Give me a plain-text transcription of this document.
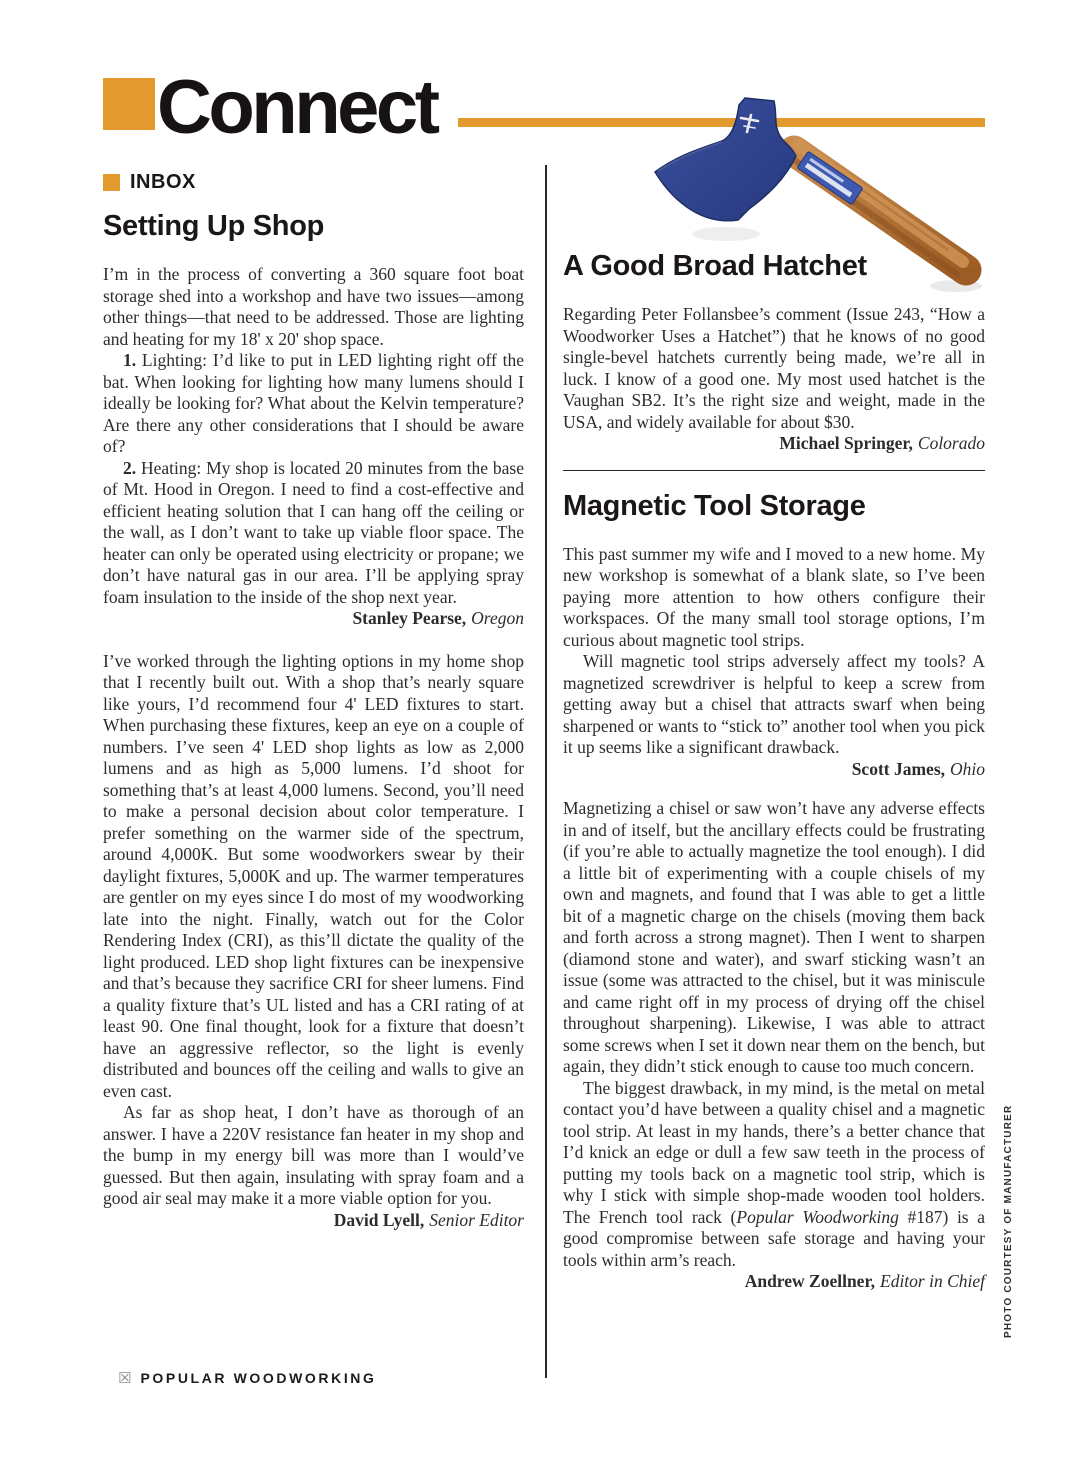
Connect
INBOX
Setting Up Shop

I’m in the process of converting a 360 square foot boat storage shed into a workshop and have two issues—among other things—that need to be addressed. Those are lighting and heating for my 18' x 20' shop space.

1. Lighting: I’d like to put in LED lighting right off the bat. When looking for lighting how many lumens should I ideally be looking for? What about the Kelvin temperature? Are there any other considerations that I should be aware of?

2. Heating: My shop is located 20 minutes from the base of Mt. Hood in Oregon. I need to find a cost-effective and efficient heating solution that I can hang off the ceiling or the wall, as I don’t want to take up viable floor space. The heater can only be operated using electricity or propane; we don’t have natural gas in our area. I’ll be applying spray foam insulation to the inside of the shop next year.

Stanley Pearse, Oregon

I’ve worked through the lighting options in my home shop that I recently built out. With a shop that’s nearly square like yours, I’d recommend four 4' LED fixtures to start. When purchasing these fixtures, keep an eye on a couple of numbers. I’ve seen 4' LED shop lights as low as 2,000 lumens and as high as 5,000 lumens. I’d shoot for something that’s at least 4,000 lumens. Second, you’ll need to make a personal decision about color temperature. I prefer something on the warmer side of the spectrum, around 4,000K. But some woodworkers swear by their daylight fixtures, 5,000K and up. The warmer temperatures are gentler on my eyes since I do most of my woodworking late into the night. Finally, watch out for the Color Rendering Index (CRI), as this’ll dictate the quality of the light produced. LED shop light fixtures can be inexpensive and that’s because they sacrifice CRI for sheer lumens. Find a quality fixture that’s UL listed and has a CRI rating of at least 90. One final thought, look for a fixture that doesn’t have an aggressive reflector, so the light is evenly distributed and bounces off the ceiling and walls to give an even cast.

As far as shop heat, I don’t have as thorough of an answer. I have a 220V resistance fan heater in my shop and the bump in my energy bill was more than I would’ve guessed. But then again, insulating with spray foam and a good air seal may make it a more viable option for you.

David Lyell, Senior Editor

A Good Broad Hatchet

Regarding Peter Follansbee’s comment (Issue 243, “How a Woodworker Uses a Hatchet”) that he knows of no good single-bevel hatchets currently being made, we’re all in luck. I know of a good one. My most used hatchet is the Vaughan SB2. It’s the right size and weight, made in the USA, and widely available for about $30.

Michael Springer, Colorado

Magnetic Tool Storage

This past summer my wife and I moved to a new home. My new workshop is somewhat of a blank slate, so I’ve been paying more attention to how others configure their workspaces. Of the many small tool storage options, I’m curious about magnetic tool strips.

Will magnetic tool strips adversely affect my tools? A magnetized screwdriver is helpful to keep a screw from getting away but a chisel that attracts swarf when being sharpened or wants to “stick to” another tool when you pick it up seems like a significant drawback.

Scott James, Ohio

Magnetizing a chisel or saw won’t have any adverse effects in and of itself, but the ancillary effects could be frustrating (if you’re able to actually magnetize the tool enough). I did a little bit of experimenting with a couple chisels of my own and magnets, and found that I was able to get a little bit of a magnetic charge on the chisels (moving them back and forth across a strong magnet). Then I went to sharpen (diamond stone and water), and swarf sticking wasn’t an issue (some was attracted to the chisel, but it was miniscule and came right off in my process of drying off the chisel throughout sharpening). Likewise, I was able to attract some screws when I set it down near them on the bench, but again, they didn’t stick enough to cause too much concern.

The biggest drawback, in my mind, is the metal on metal contact you’d have between a quality chisel and a magnetic tool strip. At least in my hands, there’s a better chance that I’d knick an edge or dull a few saw teeth in the process of putting my tools back on a magnetic tool strip, which is why I stick with simple shop-made wooden tool holders. The French tool rack (Popular Woodworking #187) is a good compromise between safe storage and having your tools within arm’s reach.

Andrew Zoellner, Editor in Chief

☒ POPULAR WOODWORKING
PHOTO COURTESY OF MANUFACTURER
